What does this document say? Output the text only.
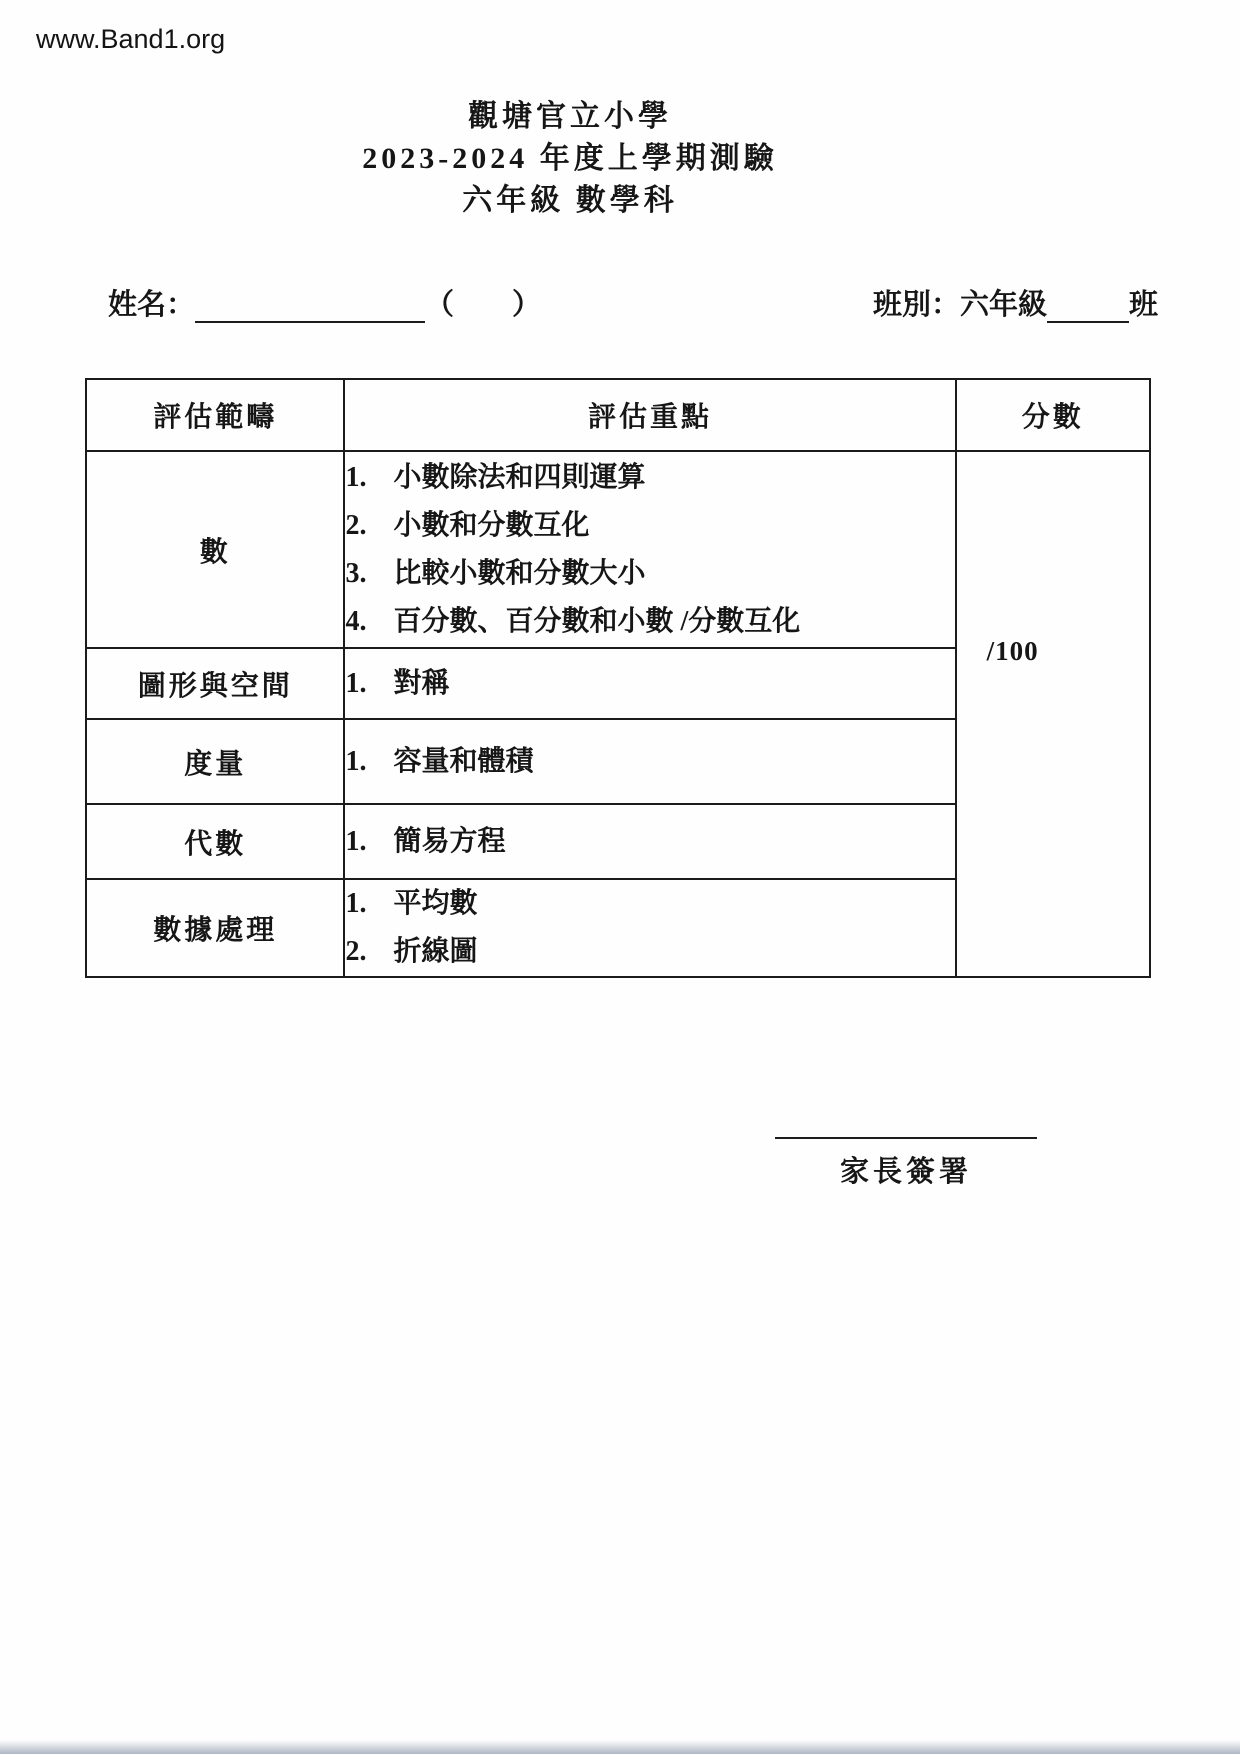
www.Band1.org
觀塘官立小學
2023-2024 年度上學期測驗
六年級 數學科
姓名：	（　　）	班別：六年級	班
評估範疇	評估重點	分數
數	1. 小數除法和四則運算
2. 小數和分數互化
3. 比較小數和分數大小
4. 百分數、百分數和小數 /分數互化	/100

圖形與空間	1. 對稱	

度量	1. 容量和體積	

代數	1. 簡易方程	

數據處理	1. 平均數
2. 折線圖	
家長簽署
